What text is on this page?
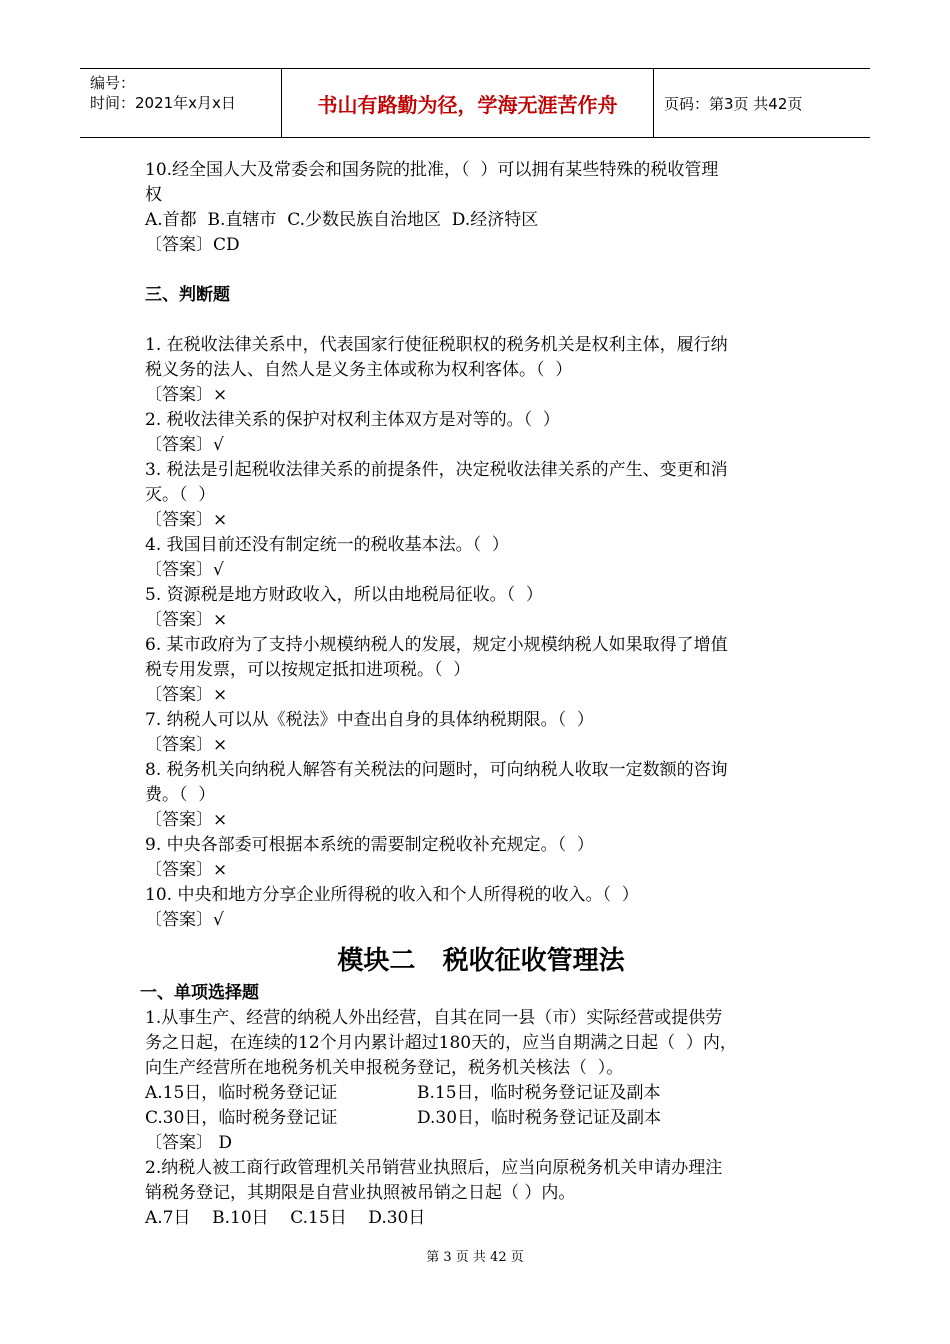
编号：
时间：2021年x月x日	书山有路勤为径，学海无涯苦作舟	页码：第3页 共42页
10.经全国人大及常委会和国务院的批准，（  ）可以拥有某些特殊的税收管理
权
A.首都  B.直辖市  C.少数民族自治地区  D.经济特区
〔答案〕CD
三、判断题
1. 在税收法律关系中，代表国家行使征税职权的税务机关是权利主体，履行纳
税义务的法人、自然人是义务主体或称为权利客体。（  ）
〔答案〕×
2. 税收法律关系的保护对权利主体双方是对等的。（  ）
〔答案〕√
3. 税法是引起税收法律关系的前提条件，决定税收法律关系的产生、变更和消
灭。（  ）
〔答案〕×
4. 我国目前还没有制定统一的税收基本法。（  ）
〔答案〕√
5. 资源税是地方财政收入，所以由地税局征收。（  ）
〔答案〕×
6. 某市政府为了支持小规模纳税人的发展，规定小规模纳税人如果取得了增值
税专用发票，可以按规定抵扣进项税。（  ）
〔答案〕×
7. 纳税人可以从《税法》中查出自身的具体纳税期限。（  ）
〔答案〕×
8. 税务机关向纳税人解答有关税法的问题时，可向纳税人收取一定数额的咨询
费。（  ）
〔答案〕×
9. 中央各部委可根据本系统的需要制定税收补充规定。（  ）
〔答案〕×
10. 中央和地方分享企业所得税的收入和个人所得税的收入。（  ）
〔答案〕√
模块二   税收征收管理法
一、单项选择题
1.从事生产、经营的纳税人外出经营，自其在同一县（市）实际经营或提供劳
务之日起，在连续的12个月内累计超过180天的，应当自期满之日起（  ）内，
向生产经营所在地税务机关申报税务登记，税务机关核法（  ）。
A.15日，临时税务登记证	B.15日，临时税务登记证及副本
C.30日，临时税务登记证	D.30日，临时税务登记证及副本
〔答案〕 D
2.纳税人被工商行政管理机关吊销营业执照后，应当向原税务机关申请办理注
销税务登记，其期限是自营业执照被吊销之日起（ ）内。
A.7日    B.10日    C.15日    D.30日
第 3 页 共 42 页
